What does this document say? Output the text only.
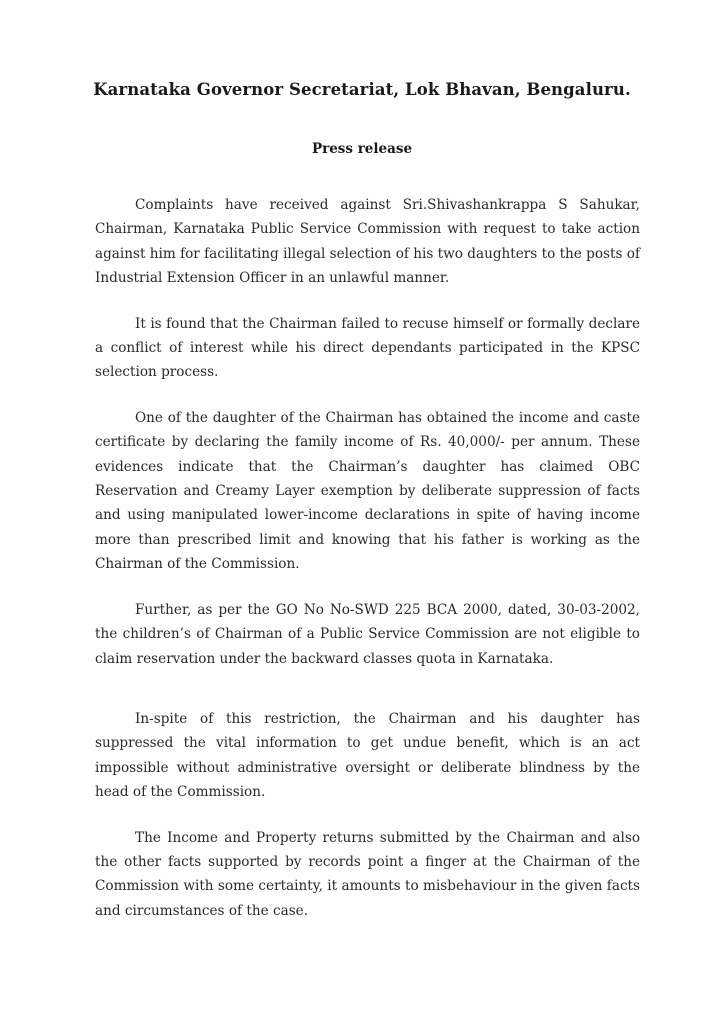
Karnataka Governor Secretariat, Lok Bhavan, Bengaluru.
Press release

Complaints have received against Sri.Shivashankrappa S Sahukar, Chairman, Karnataka Public Service Commission with request to take action against him for facilitating illegal selection of his two daughters to the posts of Industrial Extension Officer in an unlawful manner.

It is found that the Chairman failed to recuse himself or formally declare a conflict of interest while his direct dependants participated in the KPSC selection process.

One of the daughter of the Chairman has obtained the income and caste certificate by declaring the family income of Rs. 40,000/- per annum. These evidences indicate that the Chairman’s daughter has claimed OBC Reservation and Creamy Layer exemption by deliberate suppression of facts and using manipulated lower-income declarations in spite of having income more than prescribed limit and knowing that his father is working as the Chairman of the Commission.

Further, as per the GO No No-SWD 225 BCA 2000, dated, 30-03-2002, the children’s of Chairman of a Public Service Commission are not eligible to claim reservation under the backward classes quota in Karnataka.

In-spite of this restriction, the Chairman and his daughter has suppressed the vital information to get undue benefit, which is an act impossible without administrative oversight or deliberate blindness by the head of the Commission.

The Income and Property returns submitted by the Chairman and also the other facts supported by records point a finger at the Chairman of the Commission with some certainty, it amounts to misbehaviour in the given facts and circumstances of the case.
